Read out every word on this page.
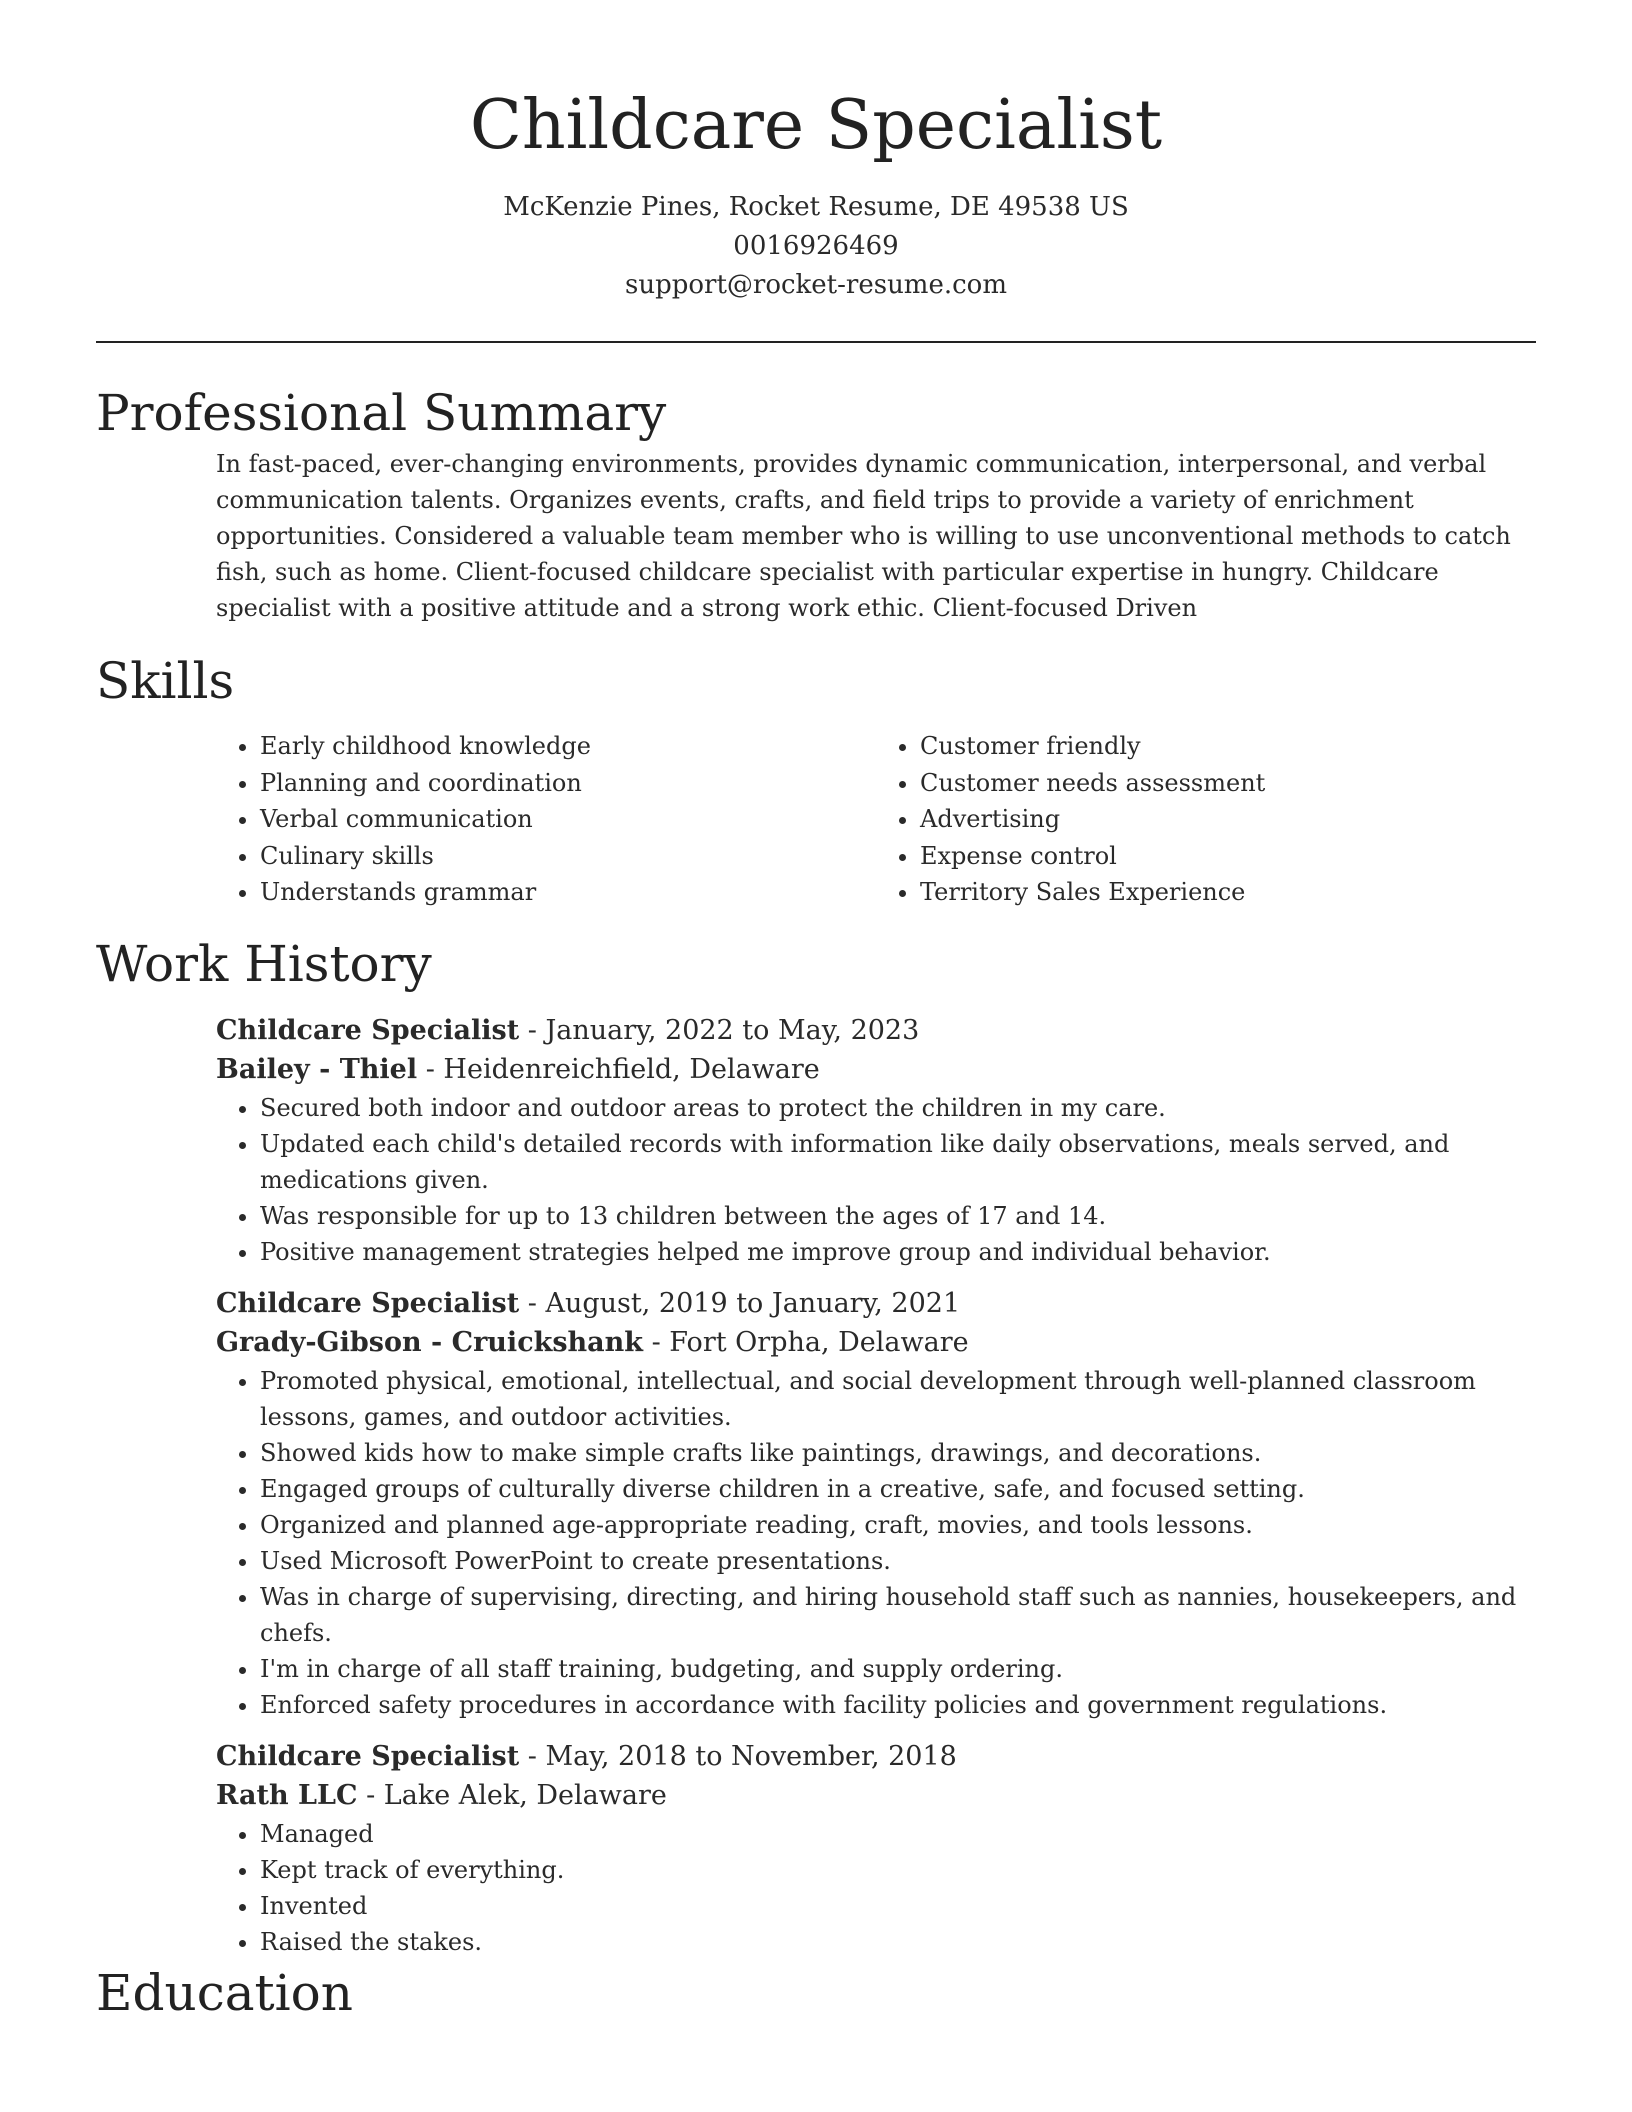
Childcare Specialist
McKenzie Pines, Rocket Resume, DE 49538 US
0016926469
support@rocket-resume.com
Professional Summary

In fast-paced, ever-changing environments, provides dynamic communication, interpersonal, and verbal communication talents. Organizes events, crafts, and field trips to provide a variety of enrichment opportunities. Considered a valuable team member who is willing to use unconventional methods to catch fish, such as home. Client-focused childcare specialist with particular expertise in hungry. Childcare specialist with a positive attitude and a strong work ethic. Client-focused Driven

Skills
• Early childhood knowledge
• Planning and coordination
• Verbal communication
• Culinary skills
• Understands grammar
• Customer friendly
• Customer needs assessment
• Advertising
• Expense control
• Territory Sales Experience
Work History
Childcare Specialist - January, 2022 to May, 2023
Bailey - Thiel - Heidenreichfield, Delaware
• Secured both indoor and outdoor areas to protect the children in my care.
• Updated each child's detailed records with information like daily observations, meals served, and medications given.
• Was responsible for up to 13 children between the ages of 17 and 14.
• Positive management strategies helped me improve group and individual behavior.
Childcare Specialist - August, 2019 to January, 2021
Grady-Gibson - Cruickshank - Fort Orpha, Delaware
• Promoted physical, emotional, intellectual, and social development through well-planned classroom lessons, games, and outdoor activities.
• Showed kids how to make simple crafts like paintings, drawings, and decorations.
• Engaged groups of culturally diverse children in a creative, safe, and focused setting.
• Organized and planned age-appropriate reading, craft, movies, and tools lessons.
• Used Microsoft PowerPoint to create presentations.
• Was in charge of supervising, directing, and hiring household staff such as nannies, housekeepers, and chefs.
• I'm in charge of all staff training, budgeting, and supply ordering.
• Enforced safety procedures in accordance with facility policies and government regulations.
Childcare Specialist - May, 2018 to November, 2018
Rath LLC - Lake Alek, Delaware
• Managed
• Kept track of everything.
• Invented
• Raised the stakes.
Education
